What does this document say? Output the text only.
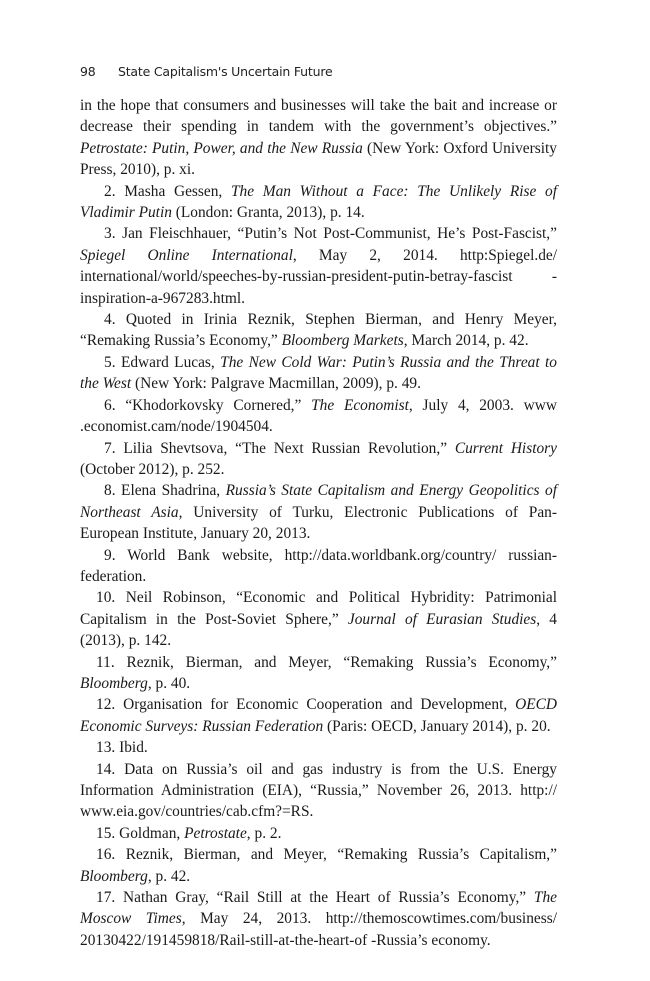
98 State Capitalism's Uncertain Future

in the hope that consumers and businesses will take the bait and increase or decrease their spending in tandem with the government’s objectives.” Petrostate: Putin, Power, and the New Russia (New York: Oxford University Press, 2010), p. xi.

2. Masha Gessen, The Man Without a Face: The Unlikely Rise of Vladimir Putin (London: Granta, 2013), p. 14.

3. Jan Fleischhauer, “Putin’s Not Post-Communist, He’s Post-Fascist,” Spiegel Online International, May 2, 2014. http:Spiegel.de/ international/world/speeches-by-russian-president-putin-betray-fascist -inspiration-a-967283.html.

4. Quoted in Irinia Reznik, Stephen Bierman, and Henry Meyer, “Remaking Russia’s Economy,” Bloomberg Markets, March 2014, p. 42.

5. Edward Lucas, The New Cold War: Putin’s Russia and the Threat to the West (New York: Palgrave Macmillan, 2009), p. 49.

6. “Khodorkovsky Cornered,” The Economist, July 4, 2003. www .economist.cam/node/1904504.

7. Lilia Shevtsova, “The Next Russian Revolution,” Current History (October 2012), p. 252.

8. Elena Shadrina, Russia’s State Capitalism and Energy Geopolitics of Northeast Asia, University of Turku, Electronic Publications of Pan-European Institute, January 20, 2013.

9. World Bank website, http://data.worldbank.org/country/ russian-federation.

10. Neil Robinson, “Economic and Political Hybridity: Patrimonial Capitalism in the Post-Soviet Sphere,” Journal of Eurasian Studies, 4 (2013), p. 142.

11. Reznik, Bierman, and Meyer, “Remaking Russia’s Economy,” Bloomberg, p. 40.

12. Organisation for Economic Cooperation and Development, OECD Economic Surveys: Russian Federation (Paris: OECD, January 2014), p. 20.

13. Ibid.

14. Data on Russia’s oil and gas industry is from the U.S. Energy Information Administration (EIA), “Russia,” November 26, 2013. http:// www.eia.gov/countries/cab.cfm?=RS.

15. Goldman, Petrostate, p. 2.

16. Reznik, Bierman, and Meyer, “Remaking Russia’s Capitalism,” Bloomberg, p. 42.

17. Nathan Gray, “Rail Still at the Heart of Russia’s Economy,” The Moscow Times, May 24, 2013. http://themoscowtimes.com/business/ 20130422/191459818/Rail-still-at-the-heart-of -Russia’s economy.
